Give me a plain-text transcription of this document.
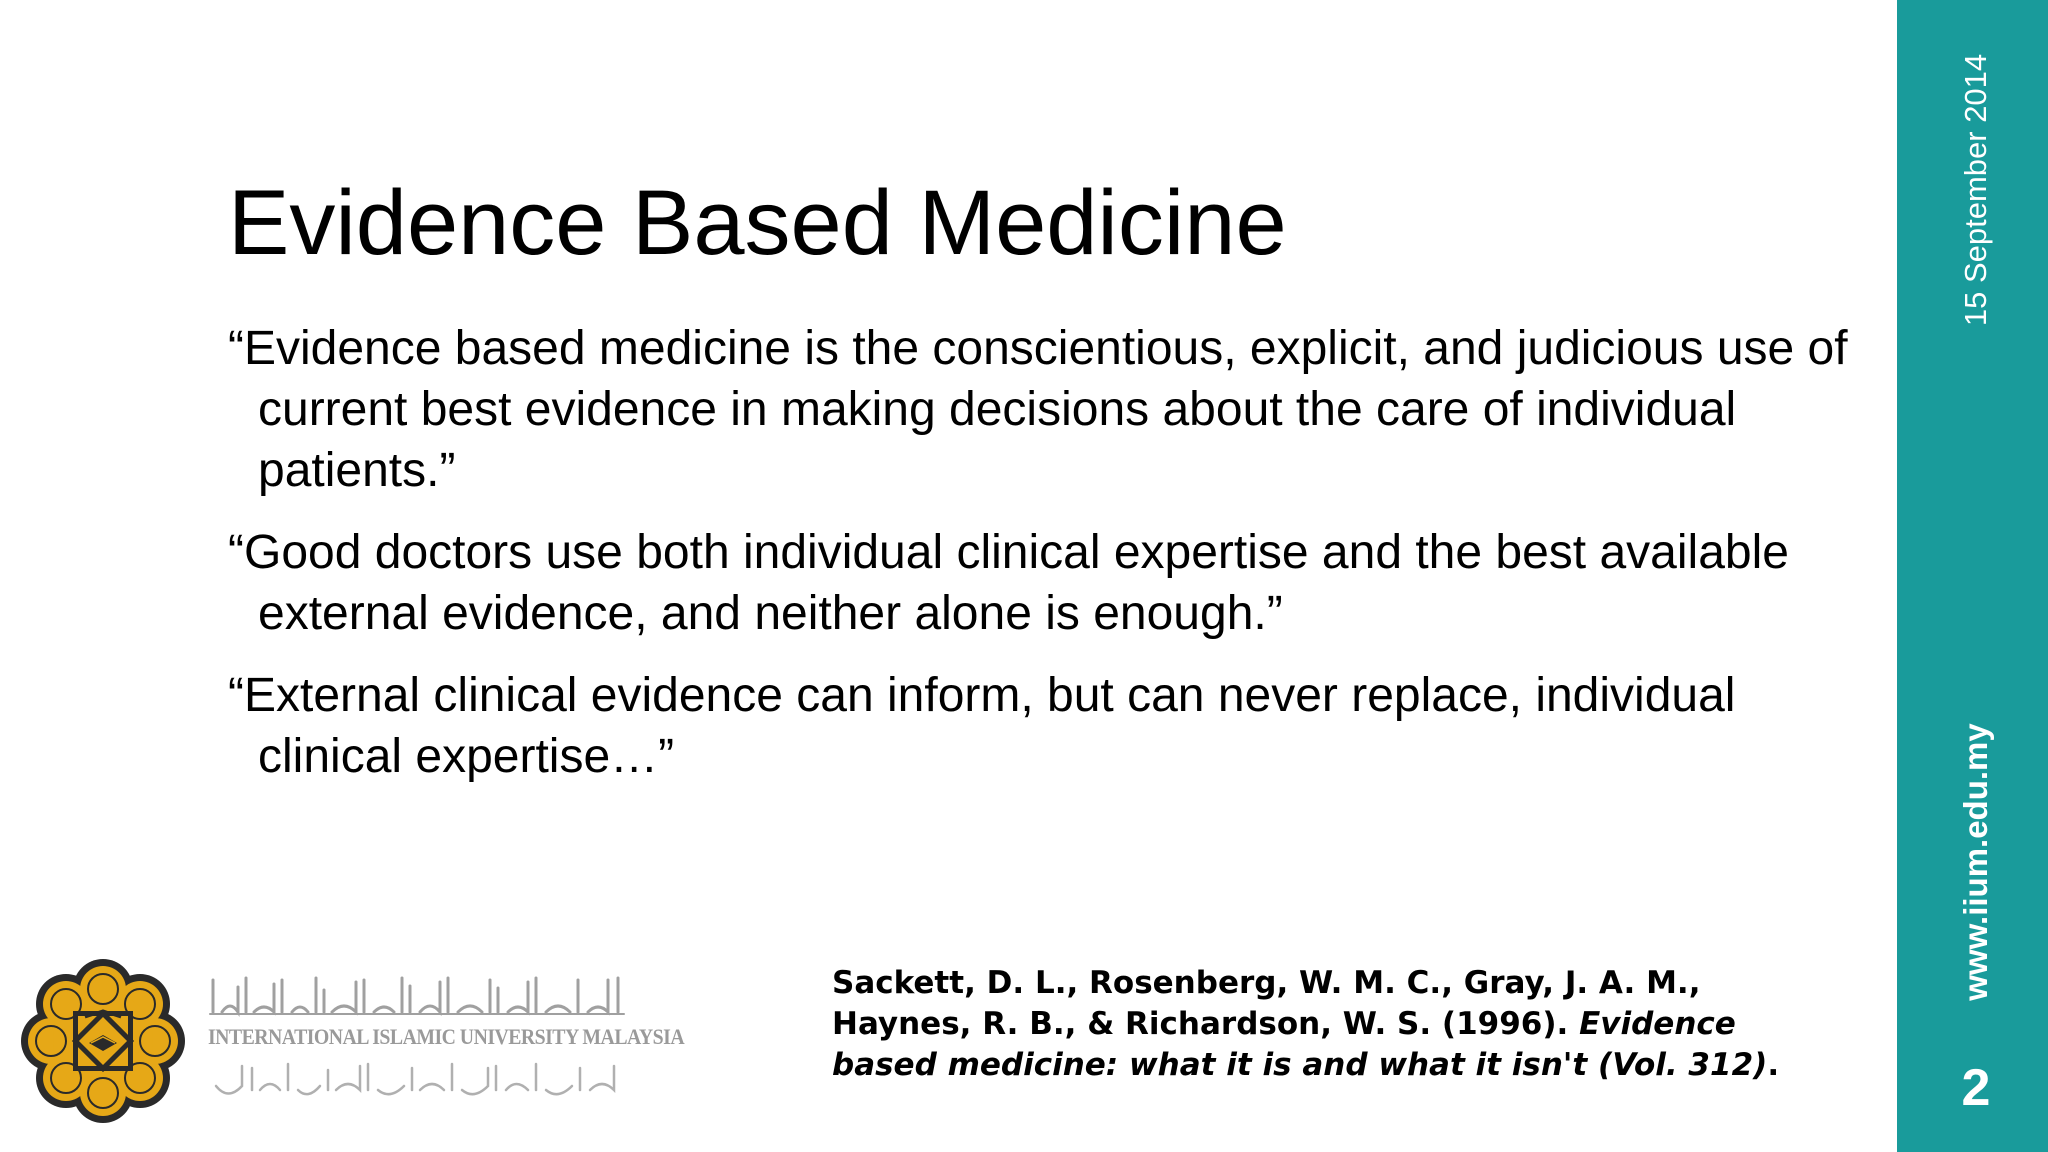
Evidence Based Medicine

“Evidence based medicine is the conscientious, explicit, and judicious use of current best evidence in making decisions about the care of individual patients.”

“Good doctors use both individual clinical expertise and the best available external evidence, and neither alone is enough.”

“External clinical evidence can inform, but can never replace, individual clinical expertise…”

Sackett, D. L., Rosenberg, W. M. C., Gray, J. A. M., Haynes, R. B., & Richardson, W. S. (1996). Evidence based medicine: what it is and what it isn't (Vol. 312).
INTERNATIONAL ISLAMIC UNIVERSITY MALAYSIA
15 September 2014
www.iium.edu.my
2
